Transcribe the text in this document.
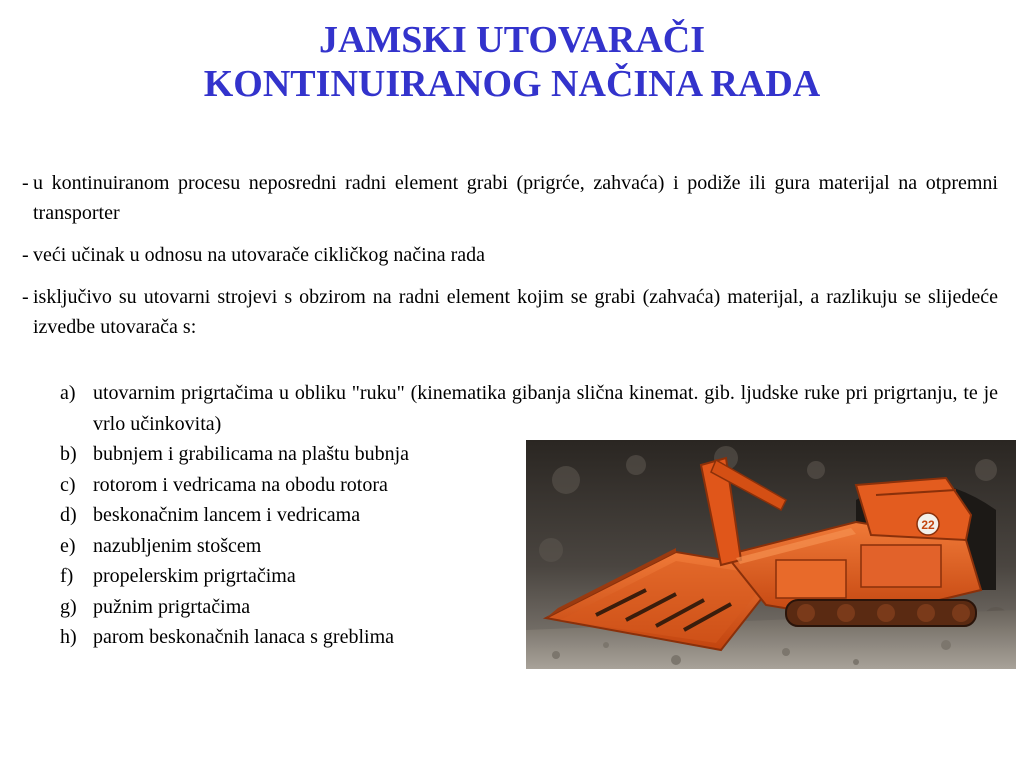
JAMSKI UTOVARAČI
KONTINUIRANOG NAČINA RADA
- u kontinuiranom procesu neposredni radni element grabi (prigrće, zahvaća) i podiže ili gura materijal na otpremni transporter
- veći učinak u odnosu na utovarače cikličkog načina rada
- isključivo su utovarni strojevi s obzirom na radni element kojim se grabi (zahvaća) materijal, a razlikuju se slijedeće izvedbe utovarača s:
a) utovarnim prigrtačima u obliku "ruku" (kinematika gibanja slična kinemat. gib. ljudske ruke pri prigrtanju, te je vrlo učinkovita)
b) bubnjem i grabilicama na plaštu bubnja
c) rotorom i vedricama na obodu rotora
d) beskonačnim lancem i vedricama
e) nazubljenim stošcem
f) propelerskim prigrtačima
g) pužnim prigrtačima
h) parom beskonačnih lanaca s greblima
22
